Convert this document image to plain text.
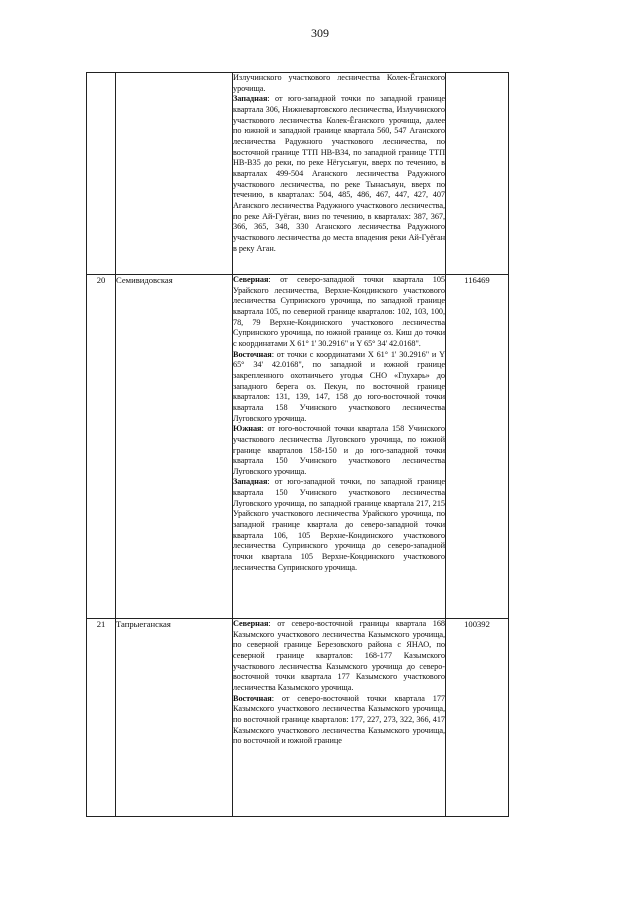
309

		Излучинского участкового лесничества Колек-Ёганского урочища.

Западная: от юго-западной точки по западной границе квартала 306, Нижневартовского лесничества, Излучинского участкового лесничества Колек-Ёганского урочища, далее по южной и западной границе квартала 560, 547 Аганского лесничества Радужного участкового лесничества, по восточной границе ТТП НВ-В34, по западной границе ТТП НВ-В35 до реки, по реке Нёгусьягун, вверх по течению, в кварталах 499-504 Аганского лесничества Радужного участкового лесничества, по реке Тынасъяун, вверх по течению, в кварталах: 504, 485, 486, 467, 447, 427, 407 Аганского лесничества Радужного участкового лесничества, по реке Ай-Гуёган, вниз по течению, в кварталах: 387, 367, 366, 365, 348, 330 Аганского лесничества Радужного участкового лесничества до места впадения реки Ай-Гуёган в реку Аган.	

20	Семивидовская	Северная: от северо-западной точки квартала 105 Урайского лесничества, Верхне-Кондинского участкового лесничества Супринского урочища, по западной границе квартала 105, по северной границе кварталов: 102, 103, 100, 78, 79 Верхне-Кондинского участкового лесничества Супринского урочища, по южной границе оз. Киш до точки с координатами X 61° 1' 30.2916" и Y 65° 34' 42.0168".

Восточная: от точки с координатами X 61° 1' 30.2916" и Y 65° 34' 42.0168", по западной и южной границе закрепленного охотничьего угодья СНО «Глухарь» до западного берега оз. Пекун, по восточной границе кварталов: 131, 139, 147, 158 до юго-восточной точки квартала 158 Учинского участкового лесничества Луговского урочища.

Южная: от юго-восточной точки квартала 158 Учинского участкового лесничества Луговского урочища, по южной границе кварталов 158-150 и до юго-западной точки квартала 150 Учинского участкового лесничества Луговского урочища.

Западная: от юго-западной точки, по западной границе квартала 150 Учинского участкового лесничества Луговского урочища, по западной границе квартала 217, 215 Урайского участкового лесничества Урайского урочища, по западной границе квартала до северо-западной точки квартала 106, 105 Верхне-Кондинского участкового лесничества Супринского урочища до северо-западной точки квартала 105 Верхне-Кондинского участкового лесничества Супринского урочища.	116469
21	Тапрыеганская	Северная: от северо-восточной границы квартала 168 Казымского участкового лесничества Казымского урочища, по северной границе Березовского района с ЯНАО, по северной границе кварталов: 168-177 Казымского участкового лесничества Казымского урочища до северо-восточной точки квартала 177 Казымского участкового лесничества Казымского урочища.

Восточная: от северо-восточной точки квартала 177 Казымского участкового лесничества Казымского урочища, по восточной границе кварталов: 177, 227, 273, 322, 366, 417 Казымского участкового лесничества Казымского урочища, по восточной и южной границе	100392
